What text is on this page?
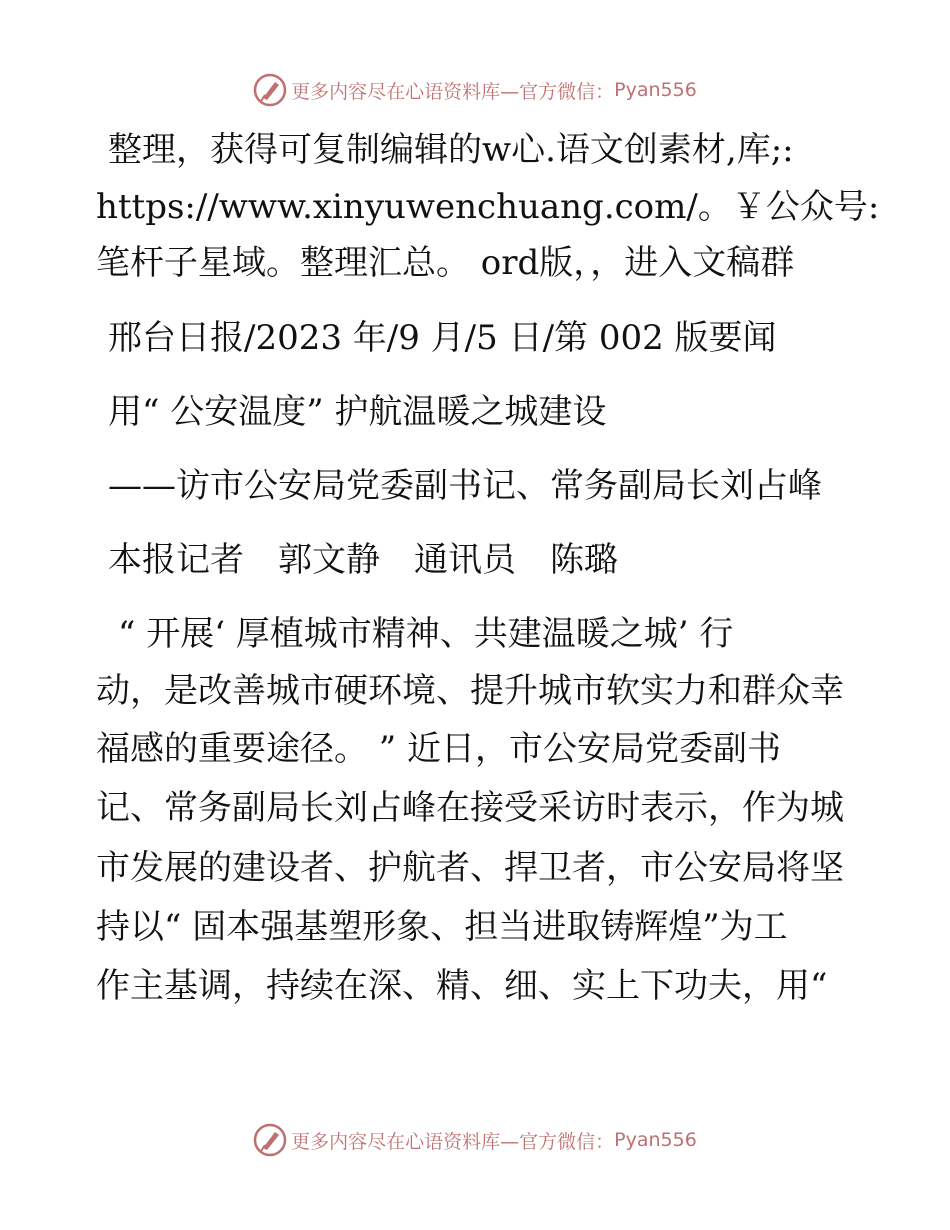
更多内容尽在心语资料库—官方微信： Pyan556
整理，获得可复制编辑的w心.语文创素材,库;:
https://www.xinyuwenchuang.com/。￥公众号:
笔杆子星域。整理汇总。 ord版，，进入文稿群
邢台日报/2023 年/9 月/5 日/第 002 版要闻
用“ 公安温度” 护航温暖之城建设
——访市公安局党委副书记、常务副局长刘占峰
本报记者　郭文静　通讯员　陈璐
“ 开展‘ 厚植城市精神、共建温暖之城’ 行
动，是改善城市硬环境、提升城市软实力和群众幸
福感的重要途径。 ” 近日，市公安局党委副书
记、常务副局长刘占峰在接受采访时表示，作为城
市发展的建设者、护航者、捍卫者，市公安局将坚
持以“ 固本强基塑形象、担当进取铸辉煌”为工
作主基调，持续在深、精、细、实上下功夫，用“
更多内容尽在心语资料库—官方微信： Pyan556
